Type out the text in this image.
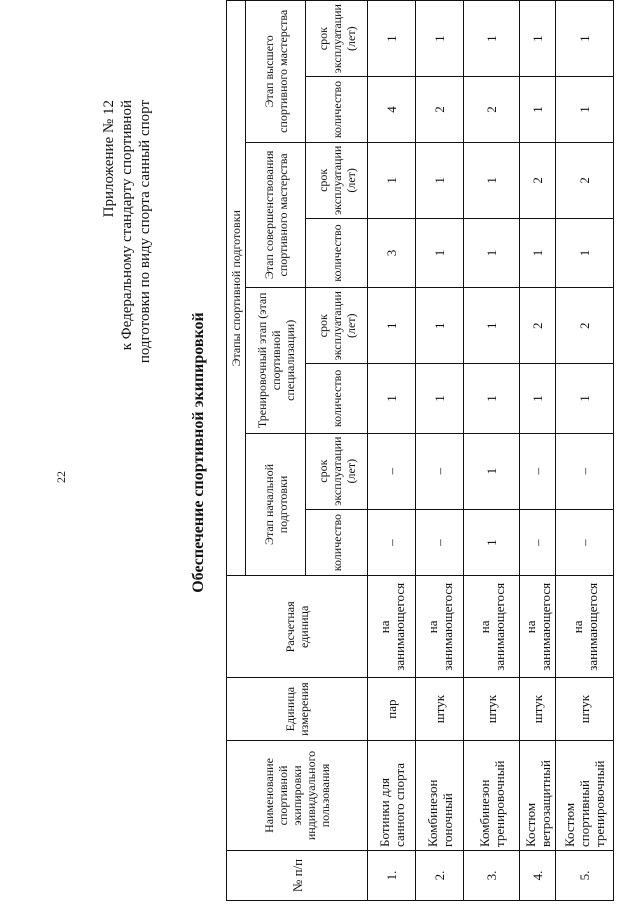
22
Приложение № 12 к Федеральному стандарту спортивной подготовки по виду спорта санный спорт
Обеспечение спортивной экипировкой
№ п/п	Наименование спортивной экипировки индивидуального пользования	Единица измерения	Расчетная единица	Этапы спортивной подготовки							
				Этап начальной подготовки		Тренировочный этап (этап спортивной специализации)		Этап совершенствования спортивного мастерства		Этап высшего спортивного мастерства	
				количество	срок эксплуатации (лет)	количество	срок эксплуатации (лет)	количество	срок эксплуатации (лет)	количество	срок эксплуатации (лет)
1.	Ботинки для санного спорта	пар	на занимающегося	–	–	1	1	3	1	4	1
2.	Комбинезон гоночный	штук	на занимающегося	–	–	1	1	1	1	2	1
3.	Комбинезон тренировочный	штук	на занимающегося	1	1	1	1	1	1	2	1
4.	Костюм ветрозащитный	штук	на занимающегося	–	–	1	2	1	2	1	1
5.	Костюм спортивный тренировочный	штук	на занимающегося	–	–	1	2	1	2	1	1
